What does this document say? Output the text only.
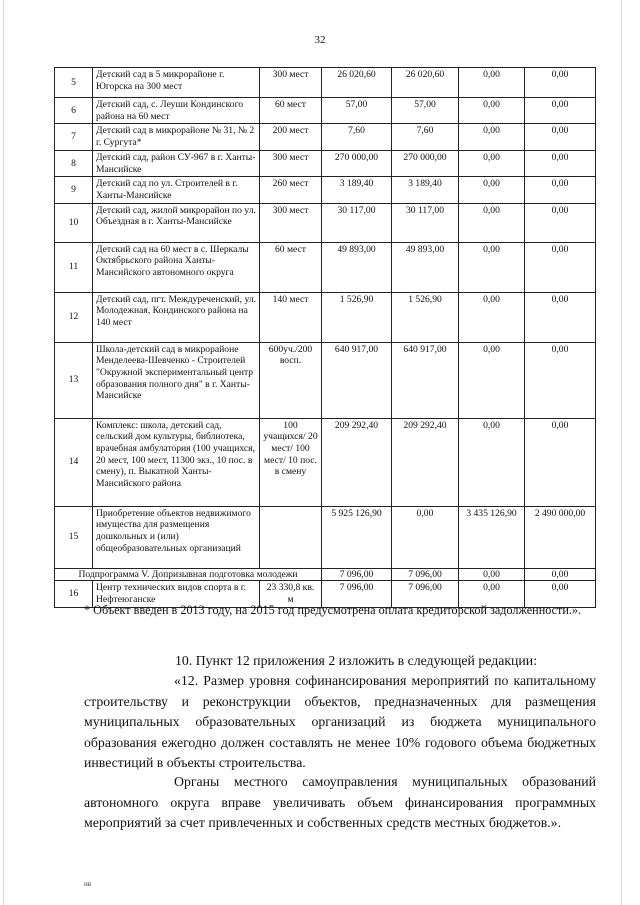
32
5	Детский сад в 5 микрорайоне г. Югорска на 300 мест	300 мест	26 020,60	26 020,60	0,00	0,00
6	Детский сад, с. Леуши Кондинского района на 60 мест	60 мест	57,00	57,00	0,00	0,00
7	Детский сад в микрорайоне № 31, № 2 г. Сургута*	200 мест	7,60	7,60	0,00	0,00
8	Детский сад, район СУ-967 в г. Ханты-Мансийске	300 мест	270 000,00	270 000,00	0,00	0,00
9	Детский сад по ул. Строителей в г. Ханты-Мансийске	260 мест	3 189,40	3 189,40	0,00	0,00
10	Детский сад, жилой микрорайон по ул. Объездная в г. Ханты-Мансийске	300 мест	30 117,00	30 117,00	0,00	0,00
11	Детский сад на 60 мест в с. Шеркалы Октябрьского района Ханты-Мансийского автономного округа	60 мест	49 893,00	49 893,00	0,00	0,00
12	Детский сад, пгт. Междуреченский, ул. Молодежная, Кондинского района на 140 мест	140 мест	1 526,90	1 526,90	0,00	0,00
13	Школа-детский сад в микрорайоне Менделеева-Шевченко - Строителей "Окружной экспериментальный центр образования полного дня" в г. Ханты-Мансийске	600уч./200 восп.	640 917,00	640 917,00	0,00	0,00
14	Комплекс: школа, детский сад, сельский дом культуры, библиотека, врачебная амбулатория (100 учащихся, 20 мест, 100 мест, 11300 экз., 10 пос. в смену), п. Выкатной Ханты-Мансийского района	100 учащихся/ 20 мест/ 100 мест/ 10 пос. в смену	209 292,40	209 292,40	0,00	0,00
15	Приобретение объектов недвижимого имущества для размещения дошкольных и (или) общеобразовательных организаций		5 925 126,90	0,00	3 435 126,90	2 490 000,00
Подпрограмма V. Допризывная подготовка молодежи			7 096,00	7 096,00	0,00	0,00
16	Центр технических видов спорта в г. Нефтеюганске	23 330,8 кв. м	7 096,00	7 096,00	0,00	0,00
* Объект введен в 2013 году, на 2015 год предусмотрена оплата кредиторской задолженности.».
10. Пункт 12 приложения 2 изложить в следующей редакции:
«12. Размер уровня софинансирования мероприятий по капитальному строительству и реконструкции объектов, предназначенных для размещения муниципальных образовательных организаций из бюджета муниципального образования ежегодно должен составлять не менее 10% годового объема бюджетных инвестиций в объекты строительства.
Органы местного самоуправления муниципальных образований автономного округа вправе увеличивать объем финансирования программных мероприятий за счет привлеченных и собственных средств местных бюджетов.».
нв
